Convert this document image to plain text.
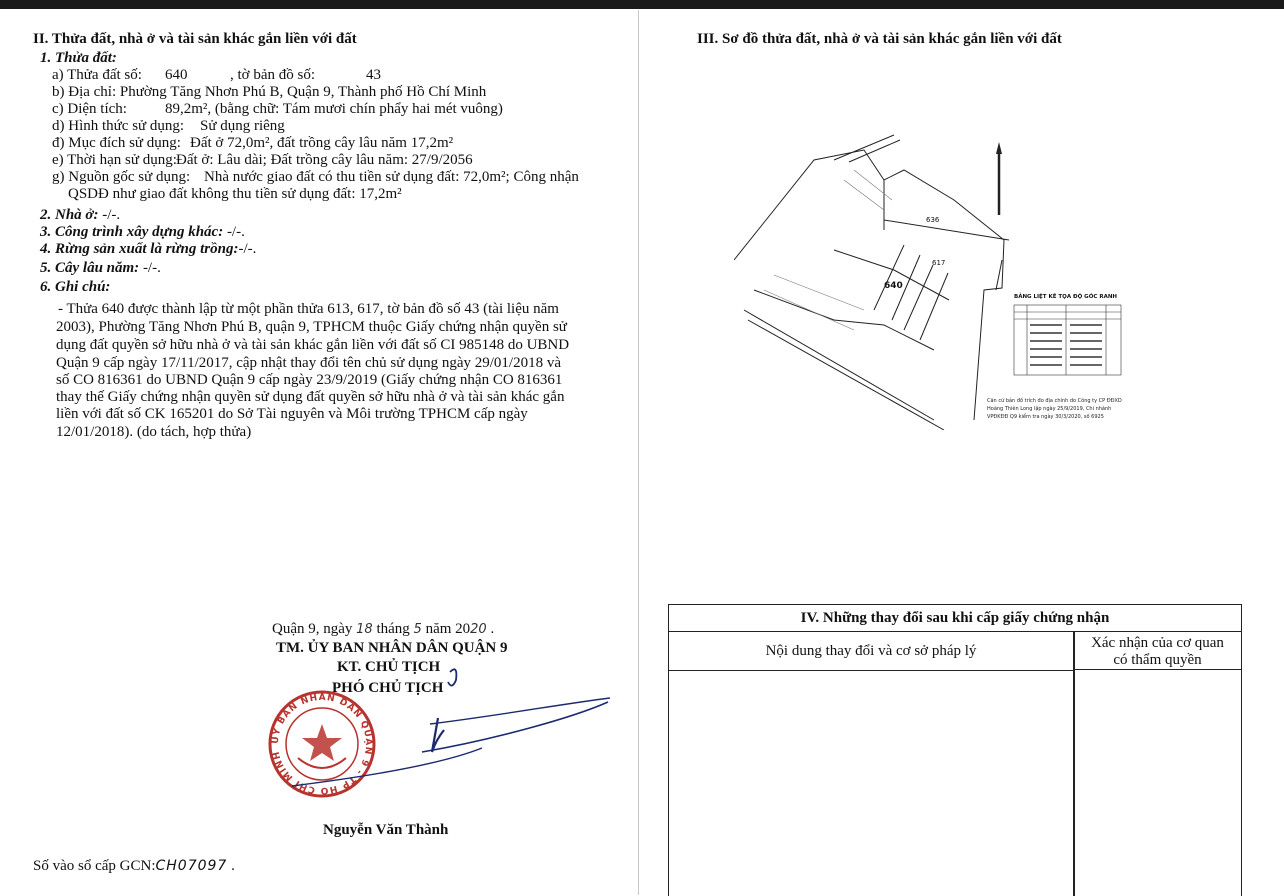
II. Thửa đất, nhà ở và tài sản khác gắn liền với đất
1. Thửa đất:
a) Thửa đất số: 640	, tờ bản đồ số:	43
b) Địa chỉ: Phường Tăng Nhơn Phú B, Quận 9, Thành phố Hồ Chí Minh
c) Diện tích:	89,2m², (bằng chữ: Tám mươi chín phẩy hai mét vuông)
d) Hình thức sử dụng: Sử dụng riêng
đ) Mục đích sử dụng: Đất ở 72,0m², đất trồng cây lâu năm 17,2m²
e) Thời hạn sử dụng: Đất ở: Lâu dài; Đất trồng cây lâu năm: 27/9/2056
g) Nguồn gốc sử dụng: Nhà nước giao đất có thu tiền sử dụng đất: 72,0m²; Công nhận
QSDĐ như giao đất không thu tiền sử dụng đất: 17,2m²
2. Nhà ở: -/-.
3. Công trình xây dựng khác: -/-.
4. Rừng sản xuất là rừng trồng:-/-.
5. Cây lâu năm: -/-.
6. Ghi chú:
- Thửa 640 được thành lập từ một phần thửa 613, 617, tờ bản đồ số 43 (tài liệu năm
2003), Phường Tăng Nhơn Phú B, quận 9, TPHCM thuộc Giấy chứng nhận quyền sử
dụng đất quyền sở hữu nhà ở và tài sản khác gắn liền với đất số CI 985148 do UBND
Quận 9 cấp ngày 17/11/2017, cập nhật thay đổi tên chủ sử dụng ngày 29/01/2018 và
số CO 816361 do UBND Quận 9 cấp ngày 23/9/2019 (Giấy chứng nhận CO 816361
thay thế Giấy chứng nhận quyền sử dụng đất quyền sở hữu nhà ở và tài sản khác gắn
liền với đất số CK 165201 do Sở Tài nguyên và Môi trường TPHCM cấp ngày
12/01/2018). (do tách, hợp thửa)
Quận 9, ngày 18 tháng 5 năm 2020 .
TM. ỦY BAN NHÂN DÂN QUẬN 9
KT. CHỦ TỊCH
PHÓ CHỦ TỊCH
ỦY BAN NHÂN DÂN QUẬN 9 - TP HỒ CHÍ MINH
Nguyễn Văn Thành
Số vào sổ cấp GCN:CH07097 .
III. Sơ đồ thửa đất, nhà ở và tài sản khác gắn liền với đất
640
617
636
BẢNG LIỆT KÊ TỌA ĐỘ GÓC RANH
Căn cứ bản đồ trích đo địa chính do Công ty CP ĐĐXD Hoàng Thiên Long lập ngày 25/9/2019, Chi nhánh VPĐKĐĐ Q9 kiểm tra ngày 30/3/2020, số 6925
IV. Những thay đổi sau khi cấp giấy chứng nhận
Nội dung thay đổi và cơ sở pháp lý	Xác nhận của cơ quan
có thẩm quyền
